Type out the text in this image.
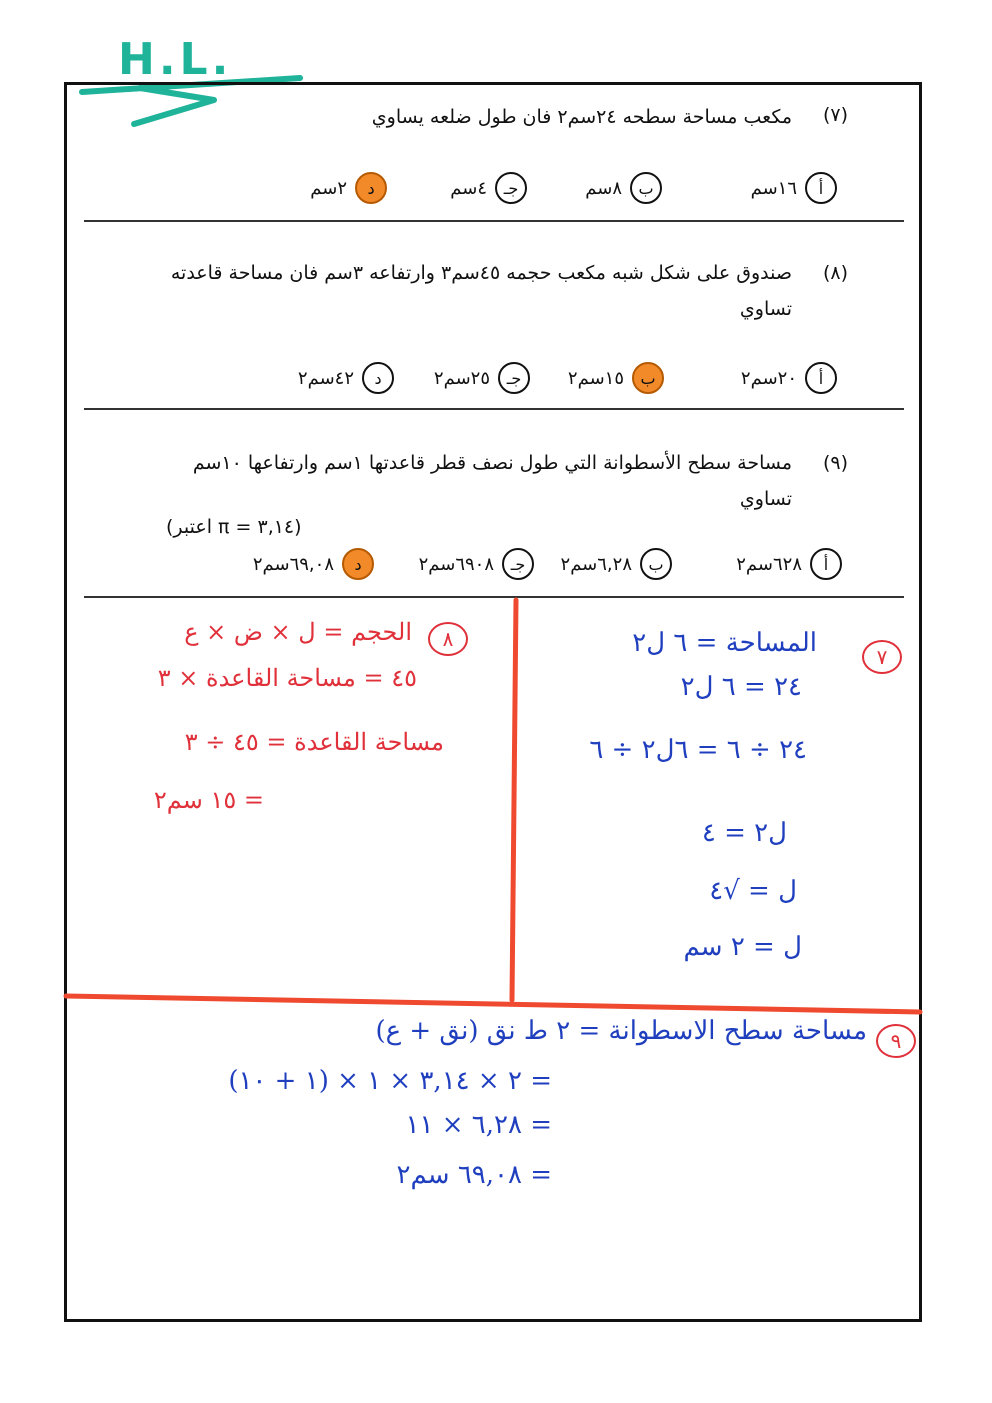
H.L.
(٧)
مكعب مساحة سطحه ٢٤سم٢ فان طول ضلعه يساوي
أ
١٦سم
ب
٨سم
جـ
٤سم
د
٢سم
(٨)
صندوق على شكل شبه مكعب حجمه ٤٥سم٣ وارتفاعه ٣سم فان مساحة قاعدته
تساوي
أ
٢٠سم٢
ب
١٥سم٢
جـ
٢٥سم٢
د
٤٢سم٢
(٩)
مساحة سطح الأسطوانة التي طول نصف قطر قاعدتها ١سم وارتفاعها ١٠سم
تساوي
(اعتبر π = ٣,١٤)
أ
٦٢٨سم٢
ب
٦,٢٨سم٢
جـ
٦٩٠٨سم٢
د
٦٩,٠٨سم٢
٧
المساحة = ٦ ل٢
٢٤ = ٦ ل٢
٢٤ ÷ ٦ = ٦ل٢ ÷ ٦
ل٢ = ٤
ل = √٤
ل = ٢ سم
٨
الحجم = ل × ض × ع
٤٥ = مساحة القاعدة × ٣
مساحة القاعدة = ٤٥ ÷ ٣
= ١٥ سم٢
٩
مساحة سطح الاسطوانة = ٢ ط نق (نق + ع)
= ٢ × ٣,١٤ × ١ × (١ + ١٠)
= ٦,٢٨ × ١١
= ٦٩,٠٨ سم٢
